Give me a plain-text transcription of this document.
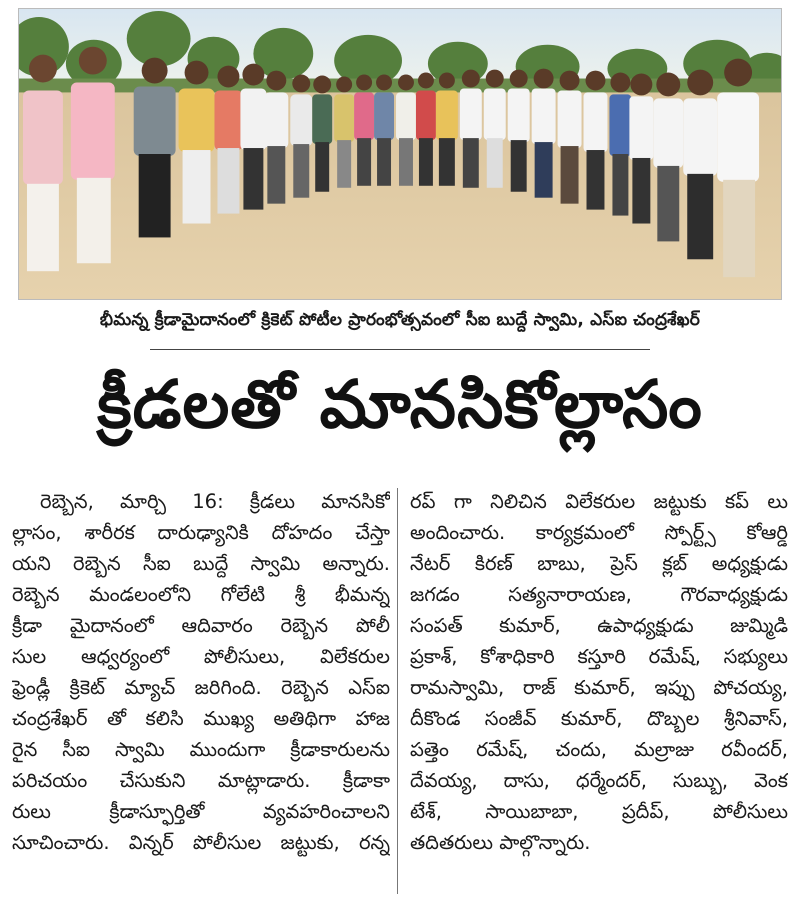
భీమన్న క్రీడామైదానంలో క్రికెట్ పోటీల ప్రారంభోత్సవంలో సీఐ బుద్దే స్వామి, ఎస్ఐ చంద్రశేఖర్
క్రీడలతో మానసికోల్లాసం
రెబ్బెన, మార్చి 16: క్రీడలు మానసికో
ల్లాసం, శారీరక దారుఢ్యానికి దోహదం చేస్తా
యని రెబ్బెన సీఐ బుద్దే స్వామి అన్నారు.
రెబ్బెన మండలంలోని గోలేటి శ్రీ భీమన్న
క్రీడా మైదానంలో ఆదివారం రెబ్బెన పోలీ
సుల ఆధ్వర్యంలో పోలీసులు, విలేకరుల
ఫ్రెండ్లీ క్రికెట్ మ్యాచ్ జరిగింది. రెబ్బెన ఎస్ఐ
చంద్రశేఖర్ తో కలిసి ముఖ్య అతిథిగా హాజ
రైన సీఐ స్వామి ముందుగా క్రీడాకారులను
పరిచయం చేసుకుని మాట్లాడారు. క్రీడాకా
రులు క్రీడాస్ఫూర్తితో వ్యవహరించాలని
సూచించారు. విన్నర్ పోలీసుల జట్టుకు, రన్న
రప్ గా నిలిచిన విలేకరుల జట్టుకు కప్ లు
అందించారు. కార్యక్రమంలో స్పోర్ట్స్ కోఆర్డి
నేటర్ కిరణ్ బాబు, ప్రెస్ క్లబ్ అధ్యక్షుడు
జగడం సత్యనారాయణ, గౌరవాధ్యక్షుడు
సంపత్ కుమార్, ఉపాధ్యక్షుడు జుమ్మిడి
ప్రకాశ్, కోశాధికారి కస్తూరి రమేష్, సభ్యులు
రామస్వామి, రాజ్ కుమార్, ఇప్పు పోచయ్య,
దీకొండ సంజీవ్ కుమార్, దొబ్బల శ్రీనివాస్,
పత్తెం రమేష్, చందు, మల్రాజు రవీందర్,
దేవయ్య, దాసు, ధర్మేందర్, సుబ్బు, వెంక
టేశ్, సాయిబాబా, ప్రదీప్, పోలీసులు
తదితరులు పాల్గొన్నారు.
